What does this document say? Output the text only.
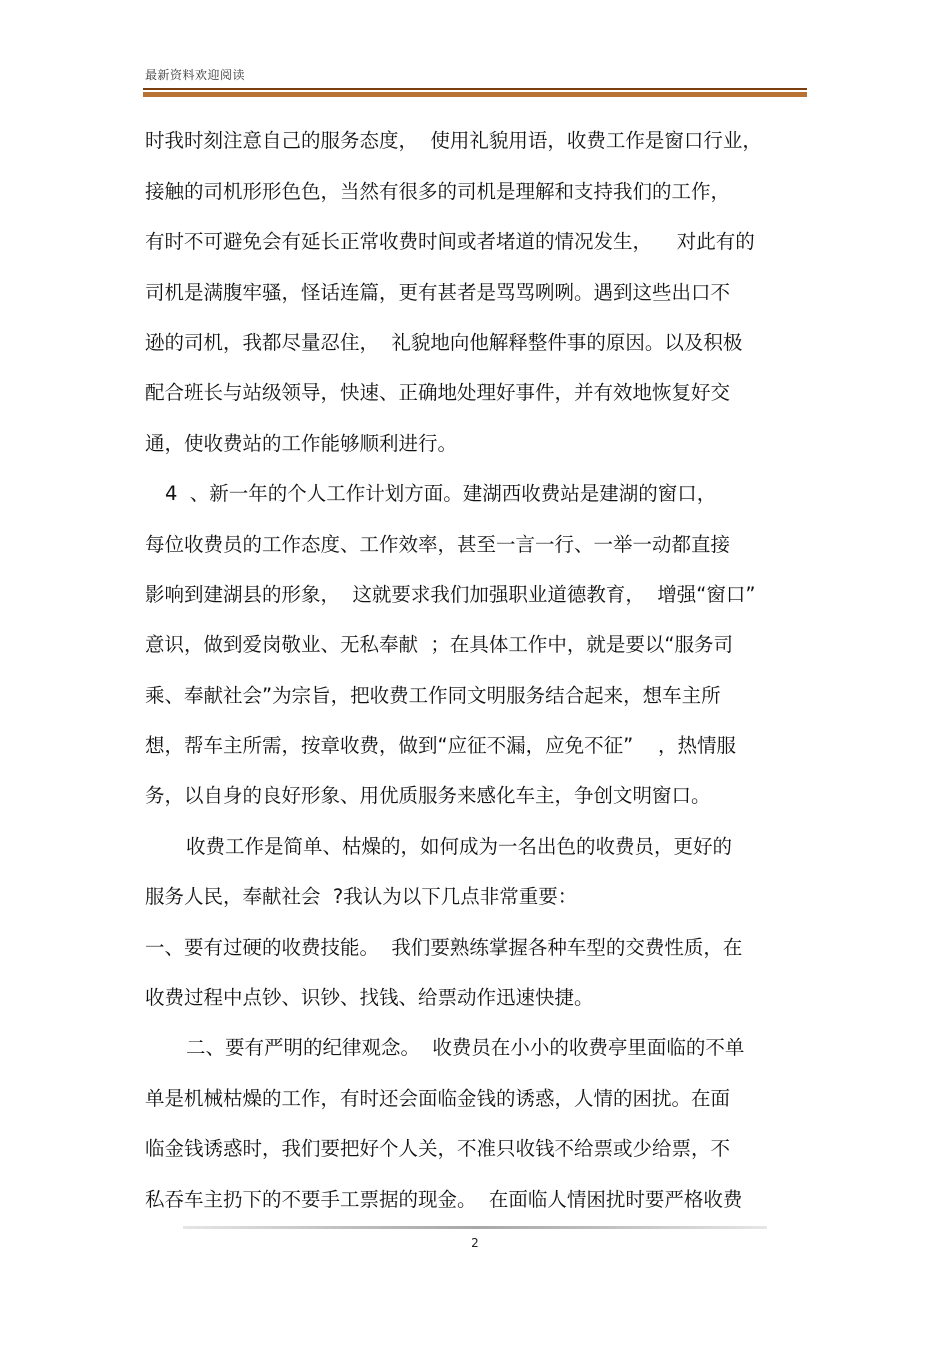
最新资料欢迎阅读
时我时刻注意自己的服务态度，  使用礼貌用语，收费工作是窗口行业，
接触的司机形形色色，当然有很多的司机是理解和支持我们的工作，
有时不可避免会有延长正常收费时间或者堵道的情况发生，    对此有的
司机是满腹牢骚，怪话连篇，更有甚者是骂骂咧咧。遇到这些出口不
逊的司机，我都尽量忍住，  礼貌地向他解释整件事的原因。以及积极
配合班长与站级领导，快速、正确地处理好事件，并有效地恢复好交
通，使收费站的工作能够顺利进行。
4  、新一年的个人工作计划方面。建湖西收费站是建湖的窗口，
每位收费员的工作态度、工作效率，甚至一言一行、一举一动都直接
影响到建湖县的形象，  这就要求我们加强职业道德教育，  增强“窗口”
意识，做到爱岗敬业、无私奉献  ；在具体工作中，就是要以“服务司
乘、奉献社会”为宗旨，把收费工作同文明服务结合起来，想车主所
想，帮车主所需，按章收费，做到“应征不漏，应免不征”    ，热情服
务，以自身的良好形象、用优质服务来感化车主，争创文明窗口。
收费工作是简单、枯燥的，如何成为一名出色的收费员，更好的
服务人民，奉献社会  ?我认为以下几点非常重要：
一、要有过硬的收费技能。  我们要熟练掌握各种车型的交费性质，在
收费过程中点钞、识钞、找钱、给票动作迅速快捷。
二、要有严明的纪律观念。  收费员在小小的收费亭里面临的不单
单是机械枯燥的工作，有时还会面临金钱的诱惑，人情的困扰。在面
临金钱诱惑时，我们要把好个人关，不准只收钱不给票或少给票，不
私吞车主扔下的不要手工票据的现金。  在面临人情困扰时要严格收费
2
